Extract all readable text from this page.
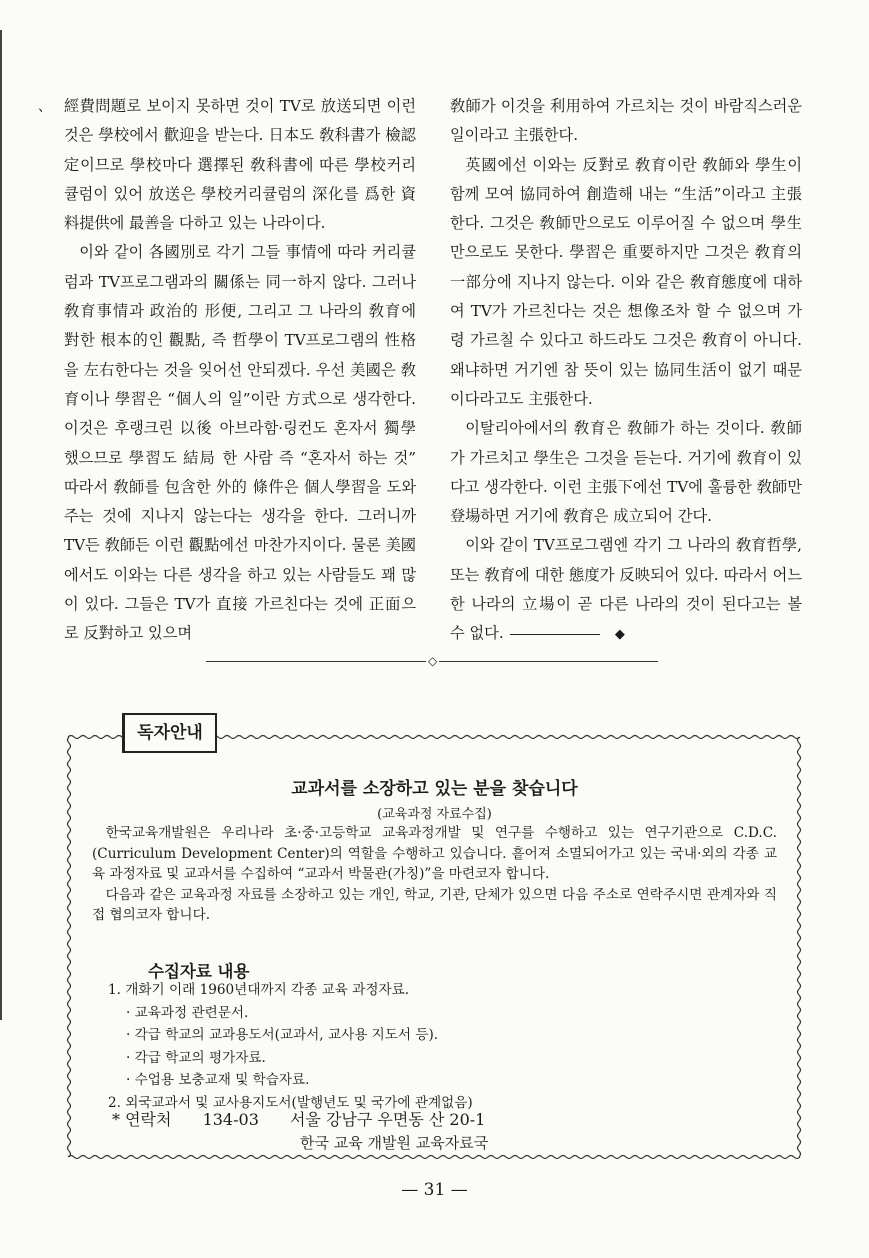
、 經費問題로 보이지 못하면 것이 TV로 放送되면 이런 것은 學校에서 歡迎을 받는다. 日本도 敎科書가 檢認定이므로 學校마다 選擇된 敎科書에 따른 學校커리큘럼이 있어 放送은 學校커리큘럼의 深化를 爲한 資料提供에 最善을 다하고 있는 나라이다.

이와 같이 各國別로 각기 그들 事情에 따라 커리큘럼과 TV프로그램과의 關係는 同一하지 않다. 그러나 敎育事情과 政治的 形便, 그리고 그 나라의 敎育에 對한 根本的인 觀點, 즉 哲學이 TV프로그램의 性格을 左右한다는 것을 잊어선 안되겠다. 우선 美國은 敎育이나 學習은 “個人의 일”이란 方式으로 생각한다. 이것은 후랭크린 以後 아브라함·링컨도 혼자서 獨學했으므로 學習도 結局 한 사람 즉 “혼자서 하는 것” 따라서 敎師를 包含한 外的 條件은 個人學習을 도와주는 것에 지나지 않는다는 생각을 한다. 그러니까 TV든 敎師든 이런 觀點에선 마찬가지이다. 물론 美國에서도 이와는 다른 생각을 하고 있는 사람들도 꽤 많이 있다. 그들은 TV가 直接 가르친다는 것에 正面으로 反對하고 있으며

敎師가 이것을 利用하여 가르치는 것이 바람직스러운 일이라고 主張한다.

英國에선 이와는 反對로 敎育이란 敎師와 學生이 함께 모여 協同하여 創造해 내는 “生活”이라고 主張한다. 그것은 敎師만으로도 이루어질 수 없으며 學生만으로도 못한다. 學習은 重要하지만 그것은 敎育의 一部分에 지나지 않는다. 이와 같은 敎育態度에 대하여 TV가 가르친다는 것은 想像조차 할 수 없으며 가령 가르칠 수 있다고 하드라도 그것은 敎育이 아니다. 왜냐하면 거기엔 참 뜻이 있는 協同生活이 없기 때문이다라고도 主張한다.

이탈리아에서의 敎育은 敎師가 하는 것이다. 敎師가 가르치고 學生은 그것을 듣는다. 거기에 敎育이 있다고 생각한다. 이런 主張下에선 TV에 훌륭한 敎師만 登場하면 거기에 敎育은 成立되어 간다.

이와 같이 TV프로그램엔 각기 그 나라의 敎育哲學, 또는 敎育에 대한 態度가 反映되어 있다. 따라서 어느 한 나라의 立場이 곧 다른 나라의 것이 된다고는 볼 수 없다.	◆

◇
독자안내
교과서를 소장하고 있는 분을 찾습니다
(교육과정 자료수집)

한국교육개발원은 우리나라 초·중·고등학교 교육과정개발 및 연구를 수행하고 있는 연구기관으로 C.D.C.(Curriculum Development Center)의 역할을 수행하고 있습니다. 흩어져 소멸되어가고 있는 국내·외의 각종 교육 과정자료 및 교과서를 수집하여 “교과서 박물관(가칭)”을 마련코자 합니다.

다음과 같은 교육과정 자료를 소장하고 있는 개인, 학교, 기관, 단체가 있으면 다음 주소로 연락주시면 관계자와 직접 협의코자 합니다.

수집자료 내용
1. 개화기 이래 1960년대까지 각종 교육 과정자료.
· 교육과정 관련문서.
· 각급 학교의 교과용도서(교과서, 교사용 지도서 등).
· 각급 학교의 평가자료.
· 수업용 보충교재 및 학습자료.
2. 외국교과서 및 교사용지도서(발행년도 및 국가에 관계없음)
* 연락처 134-03 서울 강남구 우면동 산 20-1
한국 교육 개발원 교육자료국
— 31 —
